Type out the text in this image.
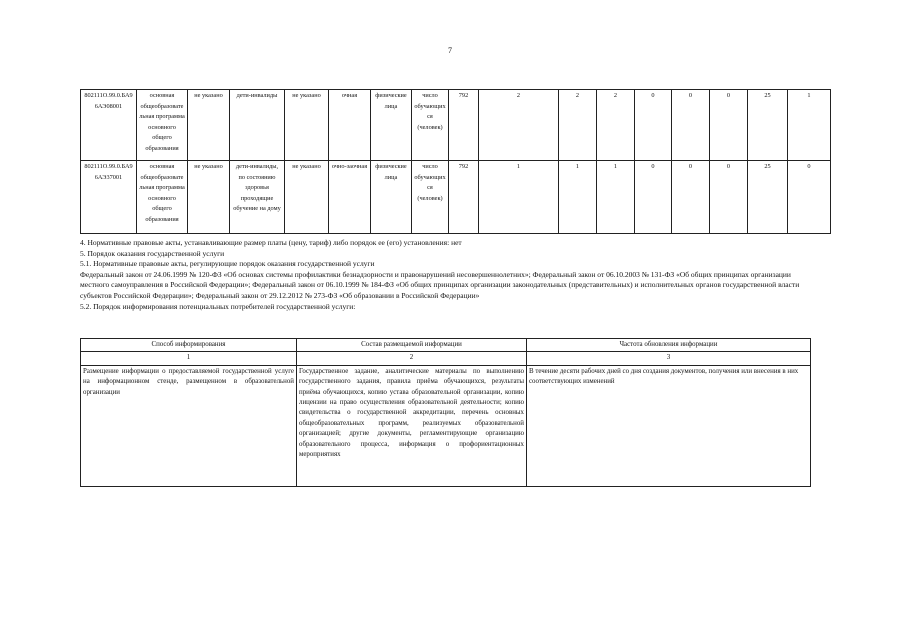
7
802111О.99.0.БА96АЭ08001	основная общеобразовательная программа основного общего образования	не указано	дети-инвалиды	не указано	очная	физические лица	число обучающихся (человек)	792	2	2	2	0	0	0	25	1
802111О.99.0.БА96АЭ37001	основная общеобразовательная программа основного общего образования	не указано	дети-инвалиды, по состоянию здоровья проходящие обучение на дому	не указано	очно-заочная	физические лица	число обучающихся (человек)	792	1	1	1	0	0	0	25	0

4. Нормативные правовые акты, устанавливающие размер платы (цену, тариф) либо порядок ее (его) установления: нет

5. Порядок оказания государственной услуги

5.1. Нормативные правовые акты, регулирующие порядок оказания государственной услуги

Федеральный закон от 24.06.1999 № 120-ФЗ «Об основах системы профилактики безнадзорности и правонарушений несовершеннолетних»; Федеральный закон от 06.10.2003 № 131-ФЗ «Об общих принципах организации местного самоуправления в Российской Федерации»; Федеральный закон от 06.10.1999 № 184-ФЗ «Об общих принципах организации законодательных (представительных) и исполнительных органов государственной власти субъектов Российской Федерации»; Федеральный закон от 29.12.2012 № 273-ФЗ «Об образовании в Российской Федерации»

5.2. Порядок информирования потенциальных потребителей государственной услуги:

Способ информирования	Состав размещаемой информации	Частота обновления информации
1	2	3
Размещение информации о предоставляемой государственной услуге на информационном стенде, размещенном в образовательной организации	Государственное задание, аналитические материалы по выполнению государственного задания, правила приёма обучающихся, результаты приёма обучающихся, копию устава образовательной организации, копию лицензии на право осуществления образовательной деятельности; копию свидетельства о государственной аккредитации, перечень основных общеобразовательных программ, реализуемых образовательной организацией; другие документы, регламентирующие организацию образовательного процесса, информация о профориентационных мероприятиях	В течение десяти рабочих дней со дня создания документов, получения или внесения в них соответствующих изменений
